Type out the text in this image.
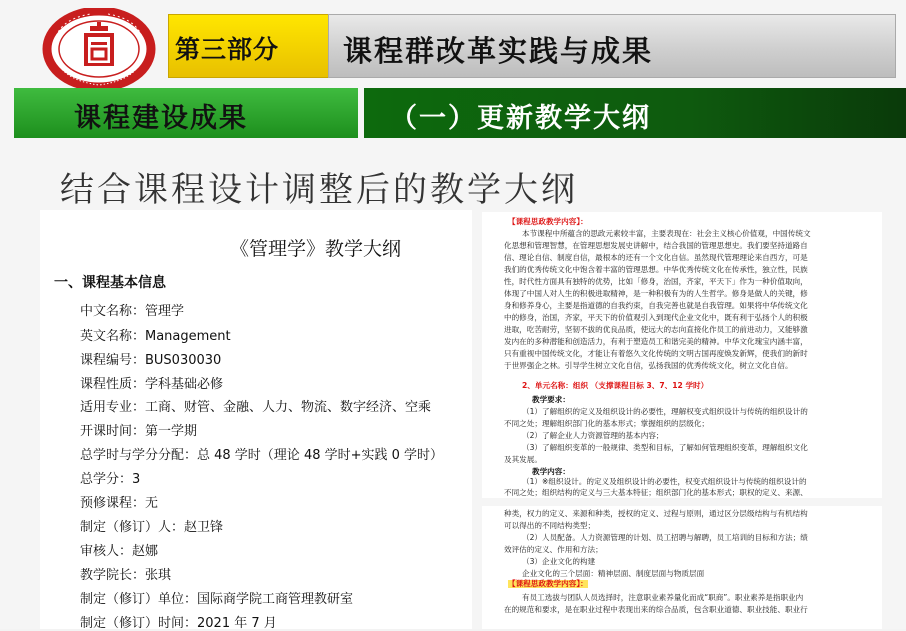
第三部分 课程群改革实践与成果
课程建设成果	（一）更新教学大纲
结合课程设计调整后的教学大纲
《管理学》教学大纲
一、课程基本信息
中文名称：管理学
英文名称：Management
课程编号：BUS030030
课程性质：学科基础必修
适用专业：工商、财管、金融、人力、物流、数字经济、空乘
开课时间：第一学期
总学时与学分分配：总 48 学时（理论 48 学时+实践 0 学时）
总学分：3
预修课程：无
制定（修订）人：赵卫锋
审核人：赵娜
教学院长：张琪
制定（修订）单位：国际商学院工商管理教研室
制定（修订）时间：2021 年 7 月
【课程思政教学内容】：
本节课程中所蕴含的思政元素较丰富，主要表现在：社会主义核心价值观，中国传统文
化思想和管理智慧，在管理思想发展史讲解中，结合我国的管理思想史。我们要坚持道路自
信、理论自信、制度自信，最根本的还有一个文化自信。虽然现代管理理论来自西方，可是
我们的优秀传统文化中饱含着丰富的管理思想。中华优秀传统文化在传承性，独立性，民族
性，时代性方面具有独特的优势，比如「修身，治国，齐家，平天下」作为一种价值取向，
体现了中国人对人生的积极进取精神，是一种积极有为的人生哲学。修身是做人的关键，修
身和修养身心，主要是指道德的自我约束，自我完善也就是自我管理。如果将中华传统文化
中的修身，治国，齐家，平天下的价值观引入到现代企业文化中，既有利于弘扬个人的积极
进取，吃苦耐劳，坚韧不拔的优良品质，使远大的志向直接化作员工的前进动力，又能够激
发内在的多种潜能和创造活力，有利于塑造员工和谐完美的精神。中华文化瑰宝内涵丰富，
只有重视中国传统文化，才能让有着悠久文化传统的文明古国再度焕发新辉，使我们的新时
于世界强企之林。引导学生树立文化自信，弘扬我国的优秀传统文化，树立文化自信。
2、单元名称：组织 （支撑课程目标 3、7、12 学时）
教学要求：
（1）了解组织的定义及组织设计的必要性，理解权变式组织设计与传统的组织设计的
不同之处；理解组织部门化的基本形式；掌握组织的层级化；
（2）了解企业人力资源管理的基本内容；
（3）了解组织变革的一般规律、类型和目标，了解如何管理组织变革，理解组织文化
及其发展。
教学内容：
（1）※组织设计。的定义及组织设计的必要性，权变式组织设计与传统的组织设计的
不同之处；组织结构的定义与三大基本特征；组织部门化的基本形式；职权的定义、来源、
种类，权力的定义、来源和种类，授权的定义、过程与原则，通过区分层级结构与有机结构
可以得出的不同结构类型；
（2）人员配备。人力资源管理的计划、员工招聘与解聘，员工培训的目标和方法；绩
效评估的定义、作用和方法；
（3）企业文化的构建
企业文化的三个层面：精神层面、制度层面与物质层面
【课程思政教学内容】：
有员工选拔与团队人员选择时，注意职业素养量化而成“职商”。职业素养是指职业内
在的规范和要求，是在职业过程中表现出来的综合品质，包含职业道德、职业技能、职业行
